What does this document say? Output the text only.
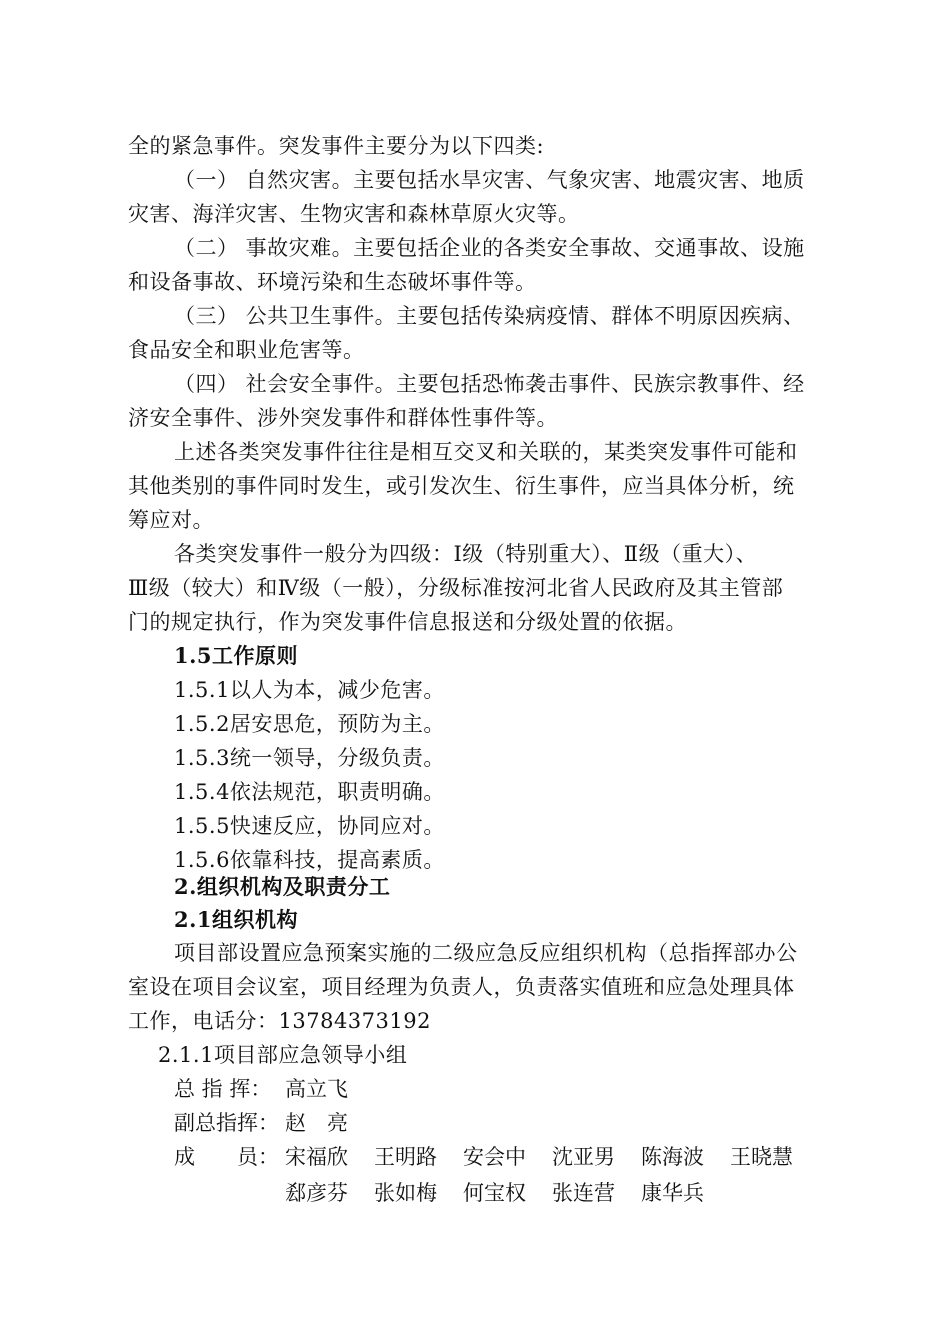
全的紧急事件。突发事件主要分为以下四类:
（一） 自然灾害。主要包括水旱灾害、气象灾害、地震灾害、地质
灾害、海洋灾害、生物灾害和森林草原火灾等。
（二） 事故灾难。主要包括企业的各类安全事故、交通事故、设施
和设备事故、环境污染和生态破坏事件等。
（三） 公共卫生事件。主要包括传染病疫情、群体不明原因疾病、
食品安全和职业危害等。
（四） 社会安全事件。主要包括恐怖袭击事件、民族宗教事件、经
济安全事件、涉外突发事件和群体性事件等。
上述各类突发事件往往是相互交叉和关联的，某类突发事件可能和
其他类别的事件同时发生，或引发次生、衍生事件，应当具体分析，统
筹应对。
各类突发事件一般分为四级：Ⅰ级（特别重大）、Ⅱ级（重大）、
Ⅲ级（较大）和Ⅳ级（一般），分级标准按河北省人民政府及其主管部
门的规定执行，作为突发事件信息报送和分级处置的依据。
1.5工作原则
1.5.1以人为本，减少危害。
1.5.2居安思危，预防为主。
1.5.3统一领导，分级负责。
1.5.4依法规范，职责明确。
1.5.5快速反应，协同应对。
1.5.6依靠科技，提高素质。
2.组织机构及职责分工
2.1组织机构
项目部设置应急预案实施的二级应急反应组织机构（总指挥部办公
室设在项目会议室，项目经理为负责人，负责落实值班和应急处理具体
工作，电话分：13784373192
2.1.1项目部应急领导小组
总 指 挥： 高立飞
副总指挥： 赵　亮
成　　员： 宋福欣 王明路 安会中 沈亚男 陈海波 王晓慧
郄彦芬 张如梅 何宝权 张连营 康华兵
